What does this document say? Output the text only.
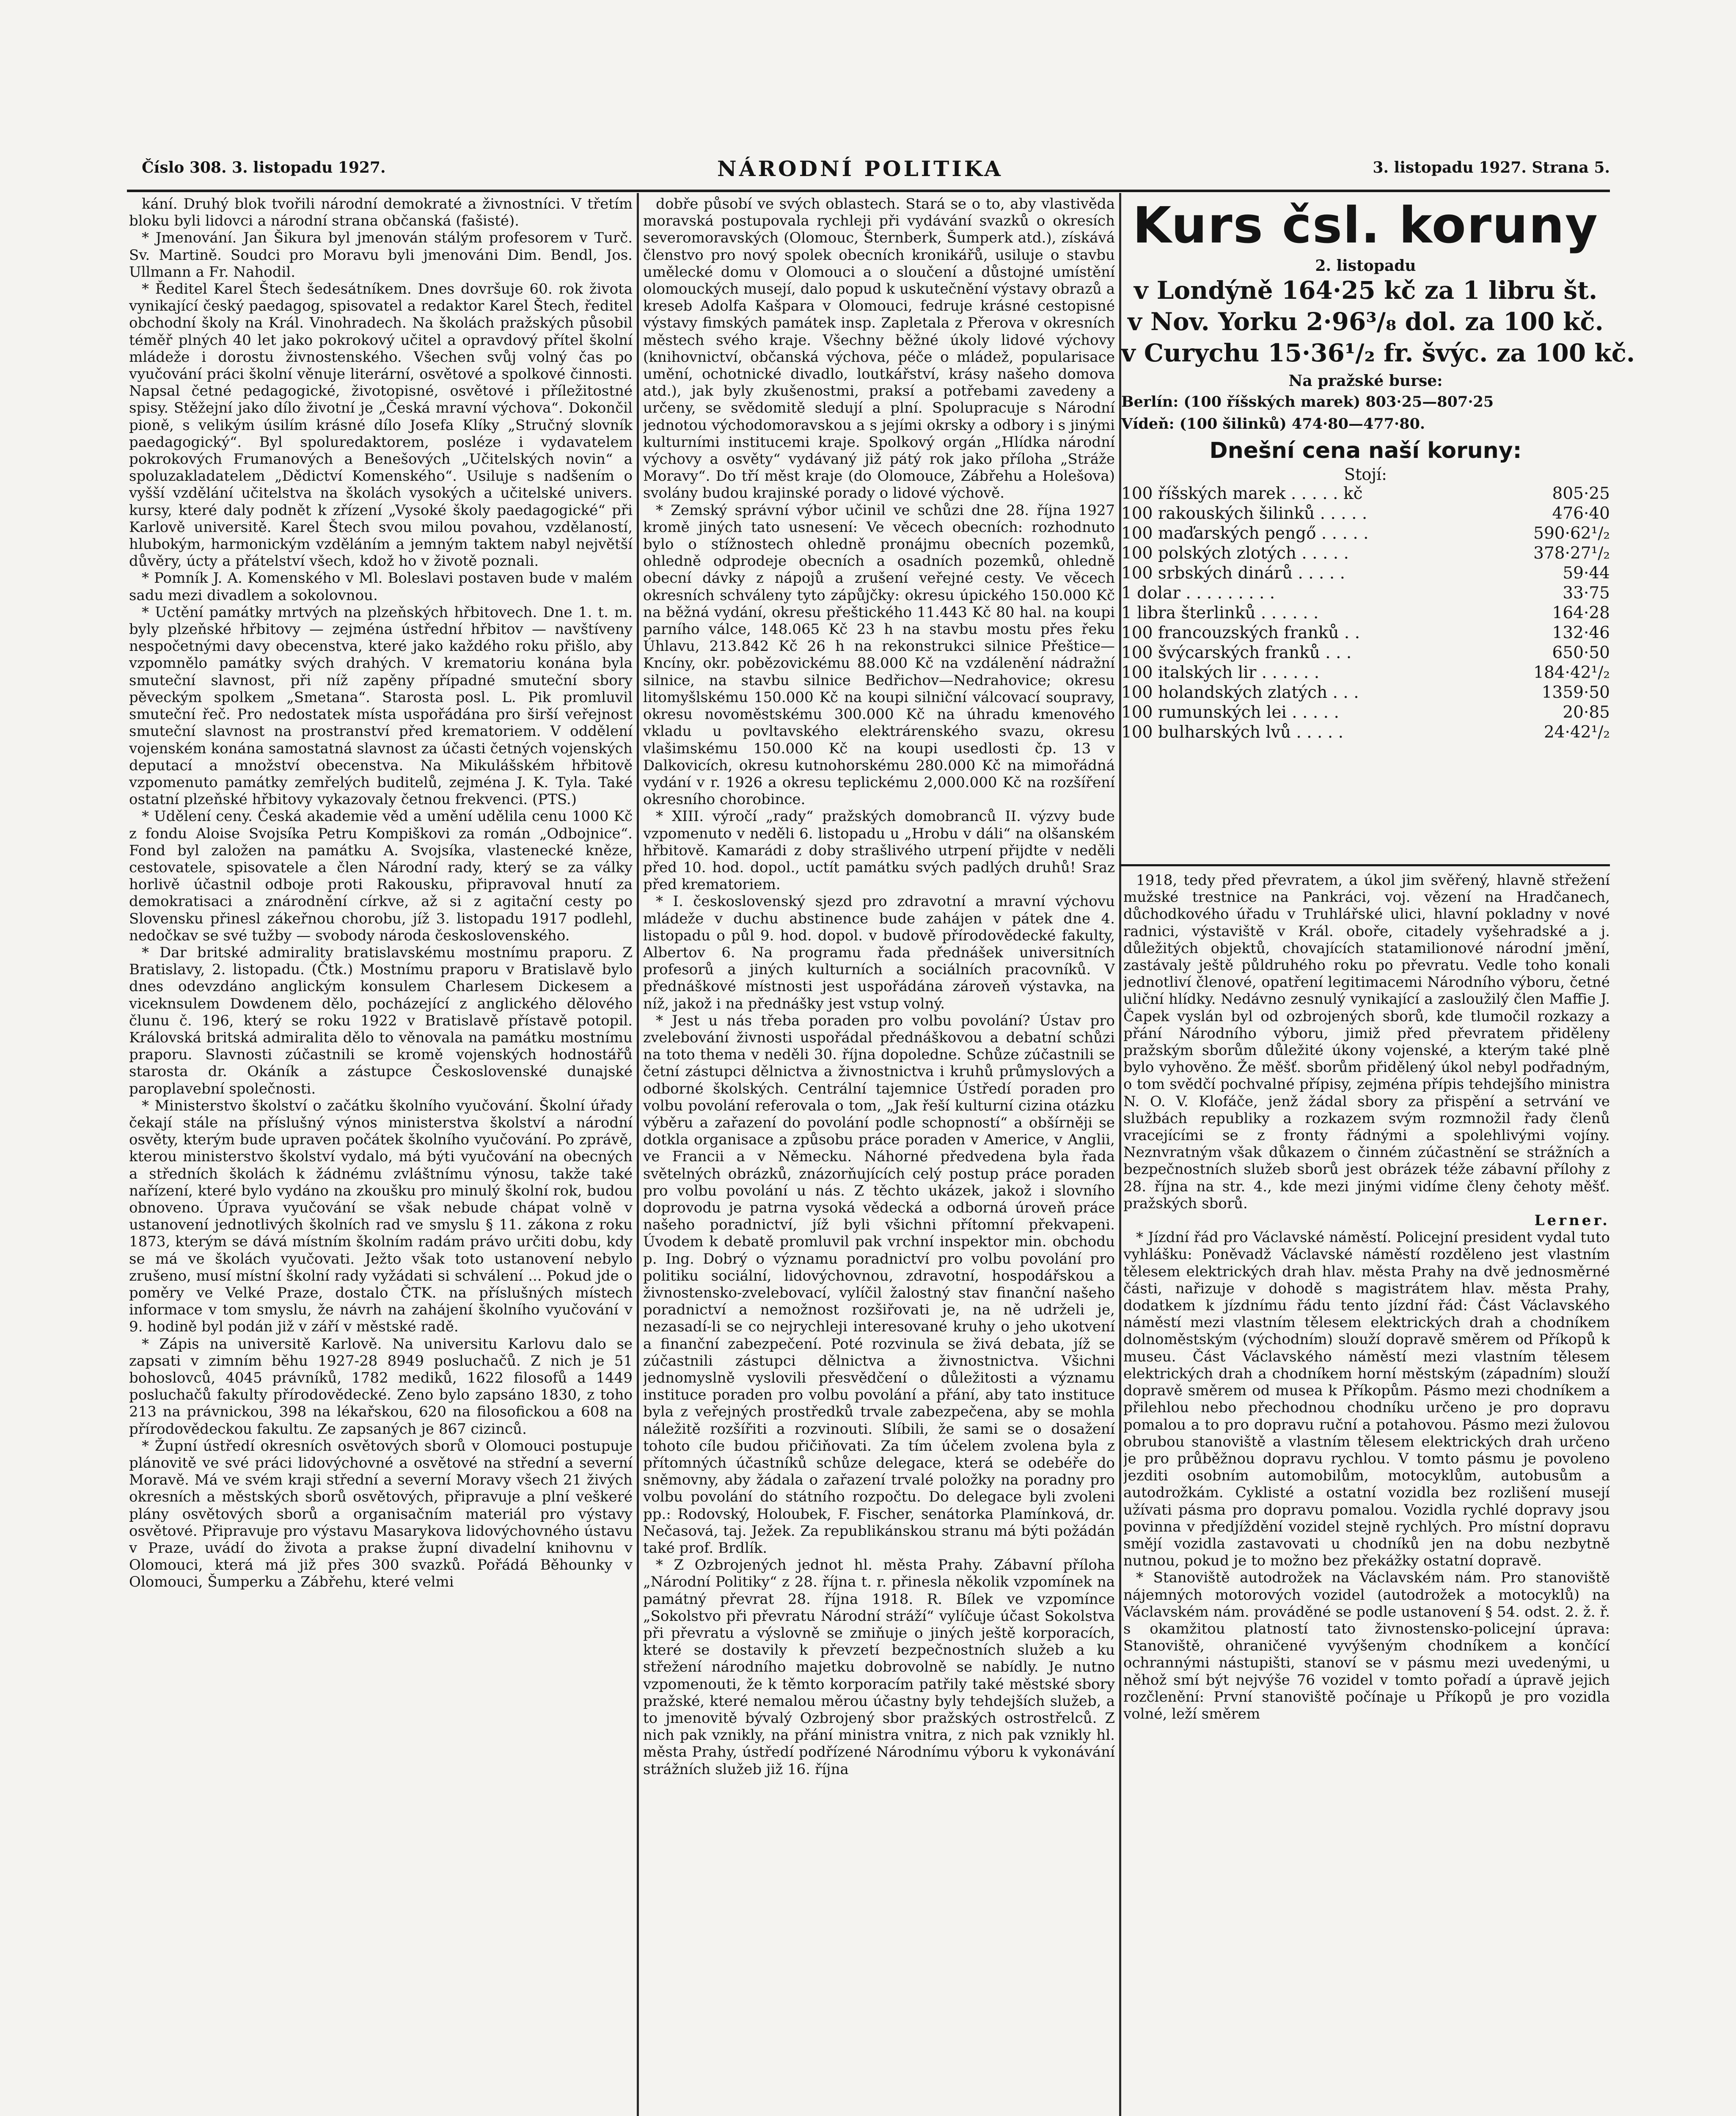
Číslo 308. 3. listopadu 1927.	NÁRODNÍ POLITIKA	3. listopadu 1927. Strana 5.

kání. Druhý blok tvořili národní demokraté a živnostníci. V třetím bloku byli lidovci a národní strana občanská (fašisté).

* Jmenování. Jan Šikura byl jmenován stálým profesorem v Turč. Sv. Martině. Soudci pro Moravu byli jmenováni Dim. Bendl, Jos. Ullmann a Fr. Nahodil.

* Ředitel Karel Štech šedesátníkem. Dnes dovršuje 60. rok života vynikající český paedagog, spisovatel a redaktor Karel Štech, ředitel obchodní školy na Král. Vinohradech. Na školách pražských působil téměř plných 40 let jako pokrokový učitel a opravdový přítel školní mládeže i dorostu živnostenského. Všechen svůj volný čas po vyučování práci školní věnuje literární, osvětové a spolkové činnosti. Napsal četné pedagogické, životopisné, osvětové i příležitostné spisy. Stěžejní jako dílo životní je „Česká mravní výchova“. Dokončil pioně, s velikým úsilím krásné dílo Josefa Klíky „Stručný slovník paedagogický“. Byl spoluredaktorem, posléze i vydavatelem pokrokových Frumanových a Benešových „Učitelských novin“ a spoluzakladatelem „Dědictví Komenského“. Usiluje s nadšením o vyšší vzdělání učitelstva na školách vysokých a učitelské univers. kursy, které daly podnět k zřízení „Vysoké školy paedagogické“ při Karlově universitě. Karel Štech svou milou povahou, vzdělaností, hlubokým, harmonickým vzděláním a jemným taktem nabyl největší důvěry, úcty a přátelství všech, kdož ho v životě poznali.

* Pomník J. A. Komenského v Ml. Boleslavi postaven bude v malém sadu mezi divadlem a sokolovnou.

* Uctění památky mrtvých na plzeňských hřbitovech. Dne 1. t. m. byly plzeňské hřbitovy — zejména ústřední hřbitov — navštíveny nespočetnými davy obecenstva, které jako každého roku přišlo, aby vzpomnělo památky svých drahých. V krematoriu konána byla smuteční slavnost, při níž zapěny případné smuteční sbory pěveckým spolkem „Smetana“. Starosta posl. L. Pik promluvil smuteční řeč. Pro nedostatek místa uspořádána pro širší veřejnost smuteční slavnost na prostranství před krematoriem. V oddělení vojenském konána samostatná slavnost za účasti četných vojenských deputací a množství obecenstva. Na Mikulášském hřbitově vzpomenuto památky zemřelých buditelů, zejména J. K. Tyla. Také ostatní plzeňské hřbitovy vykazovaly četnou frekvenci. (PTS.)

* Udělení ceny. Česká akademie věd a umění udělila cenu 1000 Kč z fondu Aloise Svojsíka Petru Kompiškovi za román „Odbojnice“. Fond byl založen na památku A. Svojsíka, vlastenecké kněze, cestovatele, spisovatele a člen Národní rady, který se za války horlivě účastnil odboje proti Rakousku, připravoval hnutí za demokratisaci a znárodnění církve, až si z agitační cesty po Slovensku přinesl zákeřnou chorobu, jíž 3. listopadu 1917 podlehl, nedočkav se své tužby — svobody národa československého.

* Dar britské admirality bratislavskému mostnímu praporu. Z Bratislavy, 2. listopadu. (Čtk.) Mostnímu praporu v Bratislavě bylo dnes odevzdáno anglickým konsulem Charlesem Dickesem a viceknsulem Dowdenem dělo, pocházející z anglického dělového člunu č. 196, který se roku 1922 v Bratislavě přístavě potopil. Královská britská admiralita dělo to věnovala na památku mostnímu praporu. Slavnosti zúčastnili se kromě vojenských hodnostářů starosta dr. Okáník a zástupce Československé dunajské paroplavební společnosti.

* Ministerstvo školství o začátku školního vyučování. Školní úřady čekají stále na příslušný výnos ministerstva školství a národní osvěty, kterým bude upraven počátek školního vyučování. Po zprávě, kterou ministerstvo školství vydalo, má býti vyučování na obecných a středních školách k žádnému zvláštnímu výnosu, takže také nařízení, které bylo vydáno na zkoušku pro minulý školní rok, budou obnoveno. Úprava vyučování se však nebude chápat volně v ustanovení jednotlivých školních rad ve smyslu § 11. zákona z roku 1873, kterým se dává místním školním radám právo určiti dobu, kdy se má ve školách vyučovati. Ježto však toto ustanovení nebylo zrušeno, musí místní školní rady vyžádati si schválení ... Pokud jde o poměry ve Velké Praze, dostalo ČTK. na příslušných místech informace v tom smyslu, že návrh na zahájení školního vyučování v 9. hodině byl podán již v září v městské radě.

* Zápis na universitě Karlově. Na universitu Karlovu dalo se zapsati v zimním běhu 1927-28 8949 posluchačů. Z nich je 51 bohoslovců, 4045 právníků, 1782 mediků, 1622 filosofů a 1449 posluchačů fakulty přírodovědecké. Zeno bylo zapsáno 1830, z toho 213 na právnickou, 398 na lékařskou, 620 na filosofickou a 608 na přírodovědeckou fakultu. Ze zapsaných je 867 cizinců.

* Župní ústředí okresních osvětových sborů v Olomouci postupuje plánovitě ve své práci lidovýchovné a osvětové na střední a severní Moravě. Má ve svém kraji střední a severní Moravy všech 21 živých okresních a městských sborů osvětových, připravuje a plní veškeré plány osvětových sborů a organisačním materiál pro výstavy osvětové. Připravuje pro výstavu Masarykova lidovýchovného ústavu v Praze, uvádí do života a prakse župní divadelní knihovnu v Olomouci, která má již přes 300 svazků. Pořádá Běhounky v Olomouci, Šumperku a Zábřehu, které velmi

dobře působí ve svých oblastech. Stará se o to, aby vlastivěda moravská postupovala rychleji při vydávání svazků o okresích severomoravských (Olomouc, Šternberk, Šumperk atd.), získává členstvo pro nový spolek obecních kronikářů, usiluje o stavbu umělecké domu v Olomouci a o sloučení a důstojné umístění olomouckých musejí, dalo popud k uskutečnění výstavy obrazů a kreseb Adolfa Kašpara v Olomouci, fedruje krásné cestopisné výstavy fimských památek insp. Zapletala z Přerova v okresních městech svého kraje. Všechny běžné úkoly lidové výchovy (knihovnictví, občanská výchova, péče o mládež, popularisace umění, ochotnické divadlo, loutkářství, krásy našeho domova atd.), jak byly zkušenostmi, praksí a potřebami zavedeny a určeny, se svědomitě sledují a plní. Spolupracuje s Národní jednotou východomoravskou a s jejími okrsky a odbory i s jinými kulturními institucemi kraje. Spolkový orgán „Hlídka národní výchovy a osvěty“ vydávaný již pátý rok jako příloha „Stráže Moravy“. Do tří měst kraje (do Olomouce, Zábřehu a Holešova) svolány budou krajinské porady o lidové výchově.

* Zemský správní výbor učinil ve schůzi dne 28. října 1927 kromě jiných tato usnesení: Ve věcech obecních: rozhodnuto bylo o stížnostech ohledně pronájmu obecních pozemků, ohledně odprodeje obecních a osadních pozemků, ohledně obecní dávky z nápojů a zrušení veřejné cesty. Ve věcech okresních schváleny tyto zápůjčky: okresu úpického 150.000 Kč na běžná vydání, okresu přeštického 11.443 Kč 80 hal. na koupi parního válce, 148.065 Kč 23 h na stavbu mostu přes řeku Úhlavu, 213.842 Kč 26 h na rekonstrukci silnice Přeštice—Kncíny, okr. pobězovickému 88.000 Kč na vzdálenění nádražní silnice, na stavbu silnice Bedřichov—Nedrahovice; okresu litomyšlskému 150.000 Kč na koupi silniční válcovací soupravy, okresu novoměstskému 300.000 Kč na úhradu kmenového vkladu u povltavského elektrárenského svazu, okresu vlašimskému 150.000 Kč na koupi usedlosti čp. 13 v Dalkovicích, okresu kutnohorskému 280.000 Kč na mimořádná vydání v r. 1926 a okresu teplickému 2,000.000 Kč na rozšíření okresního chorobince.

* XIII. výročí „rady“ pražských domobranců II. výzvy bude vzpomenuto v neděli 6. listopadu u „Hrobu v dáli“ na olšanském hřbitově. Kamarádi z doby strašlivého utrpení přijdte v neděli před 10. hod. dopol., uctít památku svých padlých druhů! Sraz před krematoriem.

* I. československý sjezd pro zdravotní a mravní výchovu mládeže v duchu abstinence bude zahájen v pátek dne 4. listopadu o půl 9. hod. dopol. v budově přírodovědecké fakulty, Albertov 6. Na programu řada přednášek universitních profesorů a jiných kulturních a sociálních pracovníků. V přednáškové místnosti jest uspořádána zároveň výstavka, na níž, jakož i na přednášky jest vstup volný.

* Jest u nás třeba poraden pro volbu povolání? Ústav pro zvelebování živnosti uspořádal přednáškovou a debatní schůzi na toto thema v neděli 30. října dopoledne. Schůze zúčastnili se četní zástupci dělnictva a živnostnictva i kruhů průmyslových a odborné školských. Centrální tajemnice Ústředí poraden pro volbu povolání referovala o tom, „Jak řeší kulturní cizina otázku výběru a zařazení do povolání podle schopností“ a obšírněji se dotkla organisace a způsobu práce poraden v Americe, v Anglii, ve Francii a v Německu. Náhorné předvedena byla řada světelných obrázků, znázorňujících celý postup práce poraden pro volbu povolání u nás. Z těchto ukázek, jakož i slovního doprovodu je patrna vysoká vědecká a odborná úroveň práce našeho poradnictví, jíž byli všichni přítomní překvapeni. Úvodem k debatě promluvil pak vrchní inspektor min. obchodu p. Ing. Dobrý o významu poradnictví pro volbu povolání pro politiku sociální, lidovýchovnou, zdravotní, hospodářskou a živnostensko-zvelebovací, vylíčil žalostný stav finanční našeho poradnictví a nemožnost rozšiřovati je, na ně udrželi je, nezasadí-li se co nejrychleji interesované kruhy o jeho ukotvení a finanční zabezpečení. Poté rozvinula se živá debata, jíž se zúčastnili zástupci dělnictva a živnostnictva. Všichni jednomyslně vyslovili přesvědčení o důležitosti a významu instituce poraden pro volbu povolání a přání, aby tato instituce byla z veřejných prostředků trvale zabezpečena, aby se mohla náležitě rozšířiti a rozvinouti. Slíbili, že sami se o dosažení tohoto cíle budou přičiňovati. Za tím účelem zvolena byla z přítomných účastníků schůze delegace, která se odebéře do sněmovny, aby žádala o zařazení trvalé položky na poradny pro volbu povolání do státního rozpočtu. Do delegace byli zvoleni pp.: Rodovský, Holoubek, F. Fischer, senátorka Plamínková, dr. Nečasová, taj. Ježek. Za republikánskou stranu má býti požádán také prof. Brdlík.

* Z Ozbrojených jednot hl. města Prahy. Zábavní příloha „Národní Politiky“ z 28. října t. r. přinesla několik vzpomínek na památný převrat 28. října 1918. R. Bílek ve vzpomínce „Sokolstvo při převratu Národní stráží“ vylíčuje účast Sokolstva při převratu a výslovně se zmiňuje o jiných ještě korporacích, které se dostavily k převzetí bezpečnostních služeb a ku střežení národního majetku dobrovolně se nabídly. Je nutno vzpomenouti, že k těmto korporacím patřily také městské sbory pražské, které nemalou měrou účastny byly tehdejších služeb, a to jmenovitě bývalý Ozbrojený sbor pražských ostrostřelců. Z nich pak vznikly, na přání ministra vnitra, z nich pak vznikly hl. města Prahy, ústředí podřízené Národnímu výboru k vykonávání strážních služeb již 16. října

Kurs čsl. koruny
2. listopadu
v Londýně 164·25 kč za 1 libru št.
v Nov. Yorku 2·96³/₈ dol. za 100 kč.
v Curychu 15·36¹/₂ fr. švýc. za 100 kč.
Na pražské burse:
Berlín: (100 říšských marek) 803·25—807·25
Vídeň: (100 šilinků) 474·80—477·80.
Dnešní cena naší koruny:
Stojí:
100 říšských marek . . . . . kč	805·25
100 rakouských šilinků . . . . .	476·40
100 maďarských pengő . . . . .	590·62¹/₂
100 polských zlotých . . . . .	378·27¹/₂
100 srbských dinárů . . . . .	59·44
1 dolar . . . . . . . . .	33·75
1 libra šterlinků . . . . . .	164·28
100 francouzských franků . .	132·46
100 švýcarských franků . . .	650·50
100 italských lir . . . . . .	184·42¹/₂
100 holandských zlatých . . .	1359·50
100 rumunských lei . . . . .	20·85
100 bulharských lvů . . . . .	24·42¹/₂

1918, tedy před převratem, a úkol jim svěřený, hlavně střežení mužské trestnice na Pankráci, voj. vězení na Hradčanech, důchodkového úřadu v Truhlářské ulici, hlavní pokladny v nové radnici, výstaviště v Král. oboře, citadely vyšehradské a j. důležitých objektů, chovajících statamilionové národní jmění, zastávaly ještě půldruhého roku po převratu. Vedle toho konali jednotliví členové, opatření legitimacemi Národního výboru, četné uliční hlídky. Nedávno zesnulý vynikající a zasloužilý člen Maffie J. Čapek vyslán byl od ozbrojených sborů, kde tlumočil rozkazy a přání Národního výboru, jimiž před převratem přiděleny pražským sborům důležité úkony vojenské, a kterým také plně bylo vyhověno. Že měšť. sborům přidělený úkol nebyl podřadným, o tom svědčí pochvalné přípisy, zejména přípis tehdejšího ministra N. O. V. Klofáče, jenž žádal sbory za přispění a setrvání ve službách republiky a rozkazem svým rozmnožil řady členů vracejícími se z fronty řádnými a spolehlivými vojíny. Neznvratným však důkazem o činném zúčastnění se strážních a bezpečnostních služeb sborů jest obrázek téže zábavní přílohy z 28. října na str. 4., kde mezi jinými vidíme členy čehoty měšť. pražských sborů.

Lerner.

* Jízdní řád pro Václavské náměstí. Policejní president vydal tuto vyhlášku: Poněvadž Václavské náměstí rozděleno jest vlastním tělesem elektrických drah hlav. města Prahy na dvě jednosměrné části, nařizuje v dohodě s magistrátem hlav. města Prahy, dodatkem k jízdnímu řádu tento jízdní řád: Část Václavského náměstí mezi vlastním tělesem elektrických drah a chodníkem dolnoměstským (východním) slouží dopravě směrem od Příkopů k museu. Část Václavského náměstí mezi vlastním tělesem elektrických drah a chodníkem horní městským (západním) slouží dopravě směrem od musea k Příkopům. Pásmo mezi chodníkem a přilehlou nebo přechodnou chodníku určeno je pro dopravu pomalou a to pro dopravu ruční a potahovou. Pásmo mezi žulovou obrubou stanoviště a vlastním tělesem elektrických drah určeno je pro průběžnou dopravu rychlou. V tomto pásmu je povoleno jezditi osobním automobilům, motocyklům, autobusům a autodrožkám. Cyklisté a ostatní vozidla bez rozlišení musejí užívati pásma pro dopravu pomalou. Vozidla rychlé dopravy jsou povinna v předjíždění vozidel stejně rychlých. Pro místní dopravu smějí vozidla zastavovati u chodníků jen na dobu nezbytně nutnou, pokud je to možno bez překážky ostatní dopravě.

* Stanoviště autodrožek na Václavském nám. Pro stanoviště nájemných motorových vozidel (autodrožek a motocyklů) na Václavském nám. prováděné se podle ustanovení § 54. odst. 2. ž. ř. s okamžitou platností tato živnostensko-policejní úprava: Stanoviště, ohraničené vyvýšeným chodníkem a končící ochrannými nástupišti, stanoví se v pásmu mezi uvedenými, u něhož smí být nejvýše 76 vozidel v tomto pořadí a úpravě jejich rozčlenění: První stanoviště počínaje u Příkopů je pro vozidla volné, leží směrem
